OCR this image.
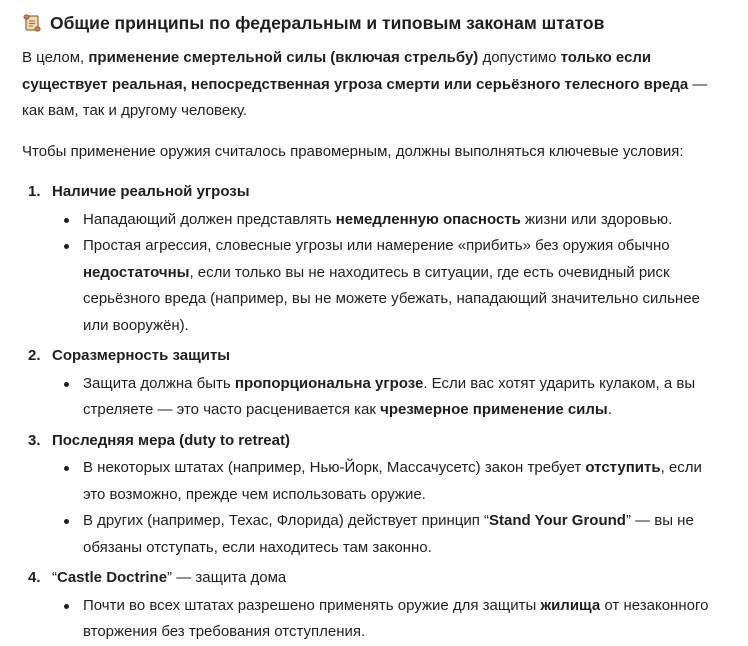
Общие принципы по федеральным и типовым законам штатов

В целом, применение смертельной силы (включая стрельбу) допустимо только если существует реальная, непосредственная угроза смерти или серьёзного телесного вреда — как вам, так и другому человеку.

Чтобы применение оружия считалось правомерным, должны выполняться ключевые условия:

1. Наличие реальной угрозы
Нападающий должен представлять немедленную опасность жизни или здоровью.
Простая агрессия, словесные угрозы или намерение «прибить» без оружия обычно недостаточны, если только вы не находитесь в ситуации, где есть очевидный риск серьёзного вреда (например, вы не можете убежать, нападающий значительно сильнее или вооружён).
2. Соразмерность защиты
Защита должна быть пропорциональна угрозе. Если вас хотят ударить кулаком, а вы стреляете — это часто расценивается как чрезмерное применение силы.
3. Последняя мера (duty to retreat)
В некоторых штатах (например, Нью-Йорк, Массачусетс) закон требует отступить, если это возможно, прежде чем использовать оружие.
В других (например, Техас, Флорида) действует принцип “Stand Your Ground” — вы не обязаны отступать, если находитесь там законно.
4. “Castle Doctrine” — защита дома
Почти во всех штатах разрешено применять оружие для защиты жилища от незаконного вторжения без требования отступления.
